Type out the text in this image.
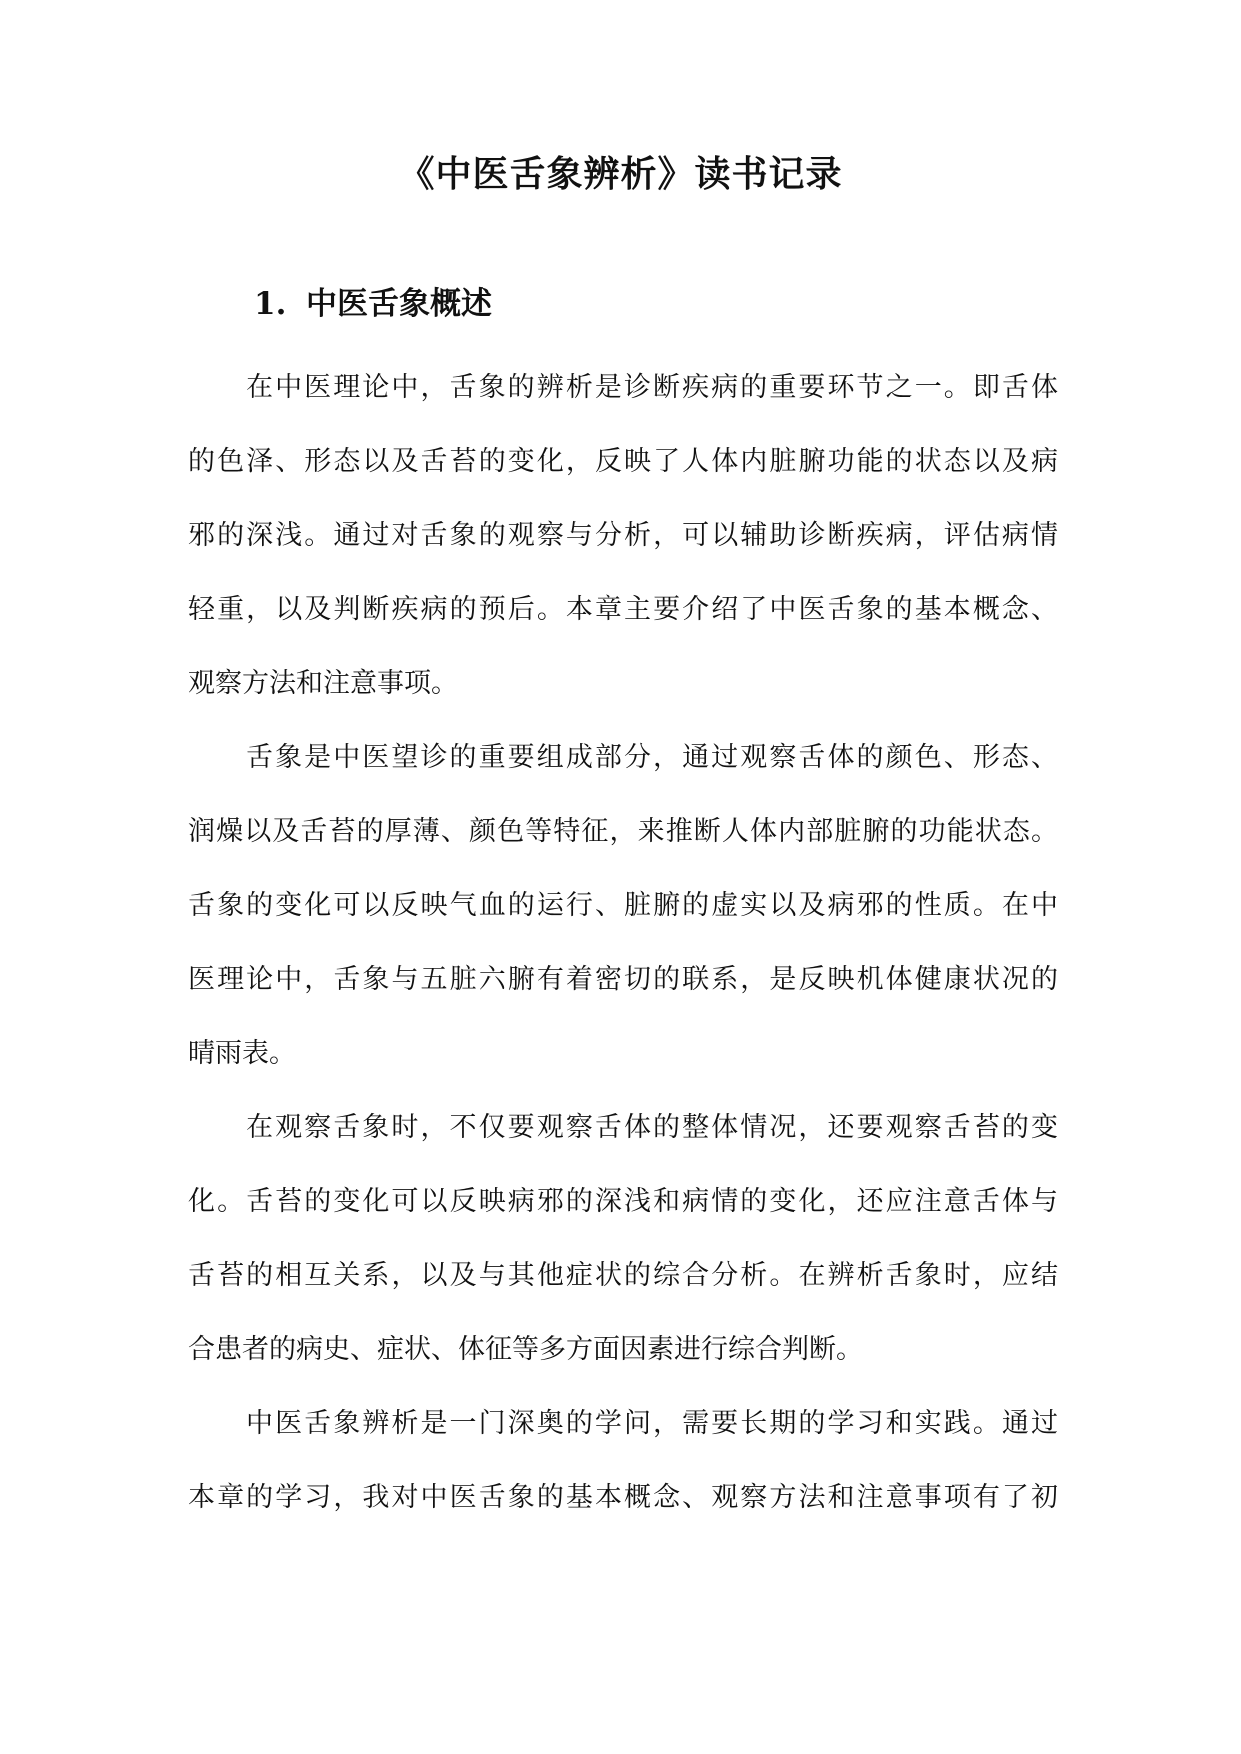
《中医舌象辨析》读书记录
1. 中医舌象概述
在中医理论中，舌象的辨析是诊断疾病的重要环节之一。即舌体
的色泽、形态以及舌苔的变化，反映了人体内脏腑功能的状态以及病
邪的深浅。通过对舌象的观察与分析，可以辅助诊断疾病，评估病情
轻重，以及判断疾病的预后。本章主要介绍了中医舌象的基本概念、
观察方法和注意事项。
舌象是中医望诊的重要组成部分，通过观察舌体的颜色、形态、
润燥以及舌苔的厚薄、颜色等特征，来推断人体内部脏腑的功能状态。
舌象的变化可以反映气血的运行、脏腑的虚实以及病邪的性质。在中
医理论中，舌象与五脏六腑有着密切的联系，是反映机体健康状况的
晴雨表。
在观察舌象时，不仅要观察舌体的整体情况，还要观察舌苔的变
化。舌苔的变化可以反映病邪的深浅和病情的变化，还应注意舌体与
舌苔的相互关系，以及与其他症状的综合分析。在辨析舌象时，应结
合患者的病史、症状、体征等多方面因素进行综合判断。
中医舌象辨析是一门深奥的学问，需要长期的学习和实践。通过
本章的学习，我对中医舌象的基本概念、观察方法和注意事项有了初
